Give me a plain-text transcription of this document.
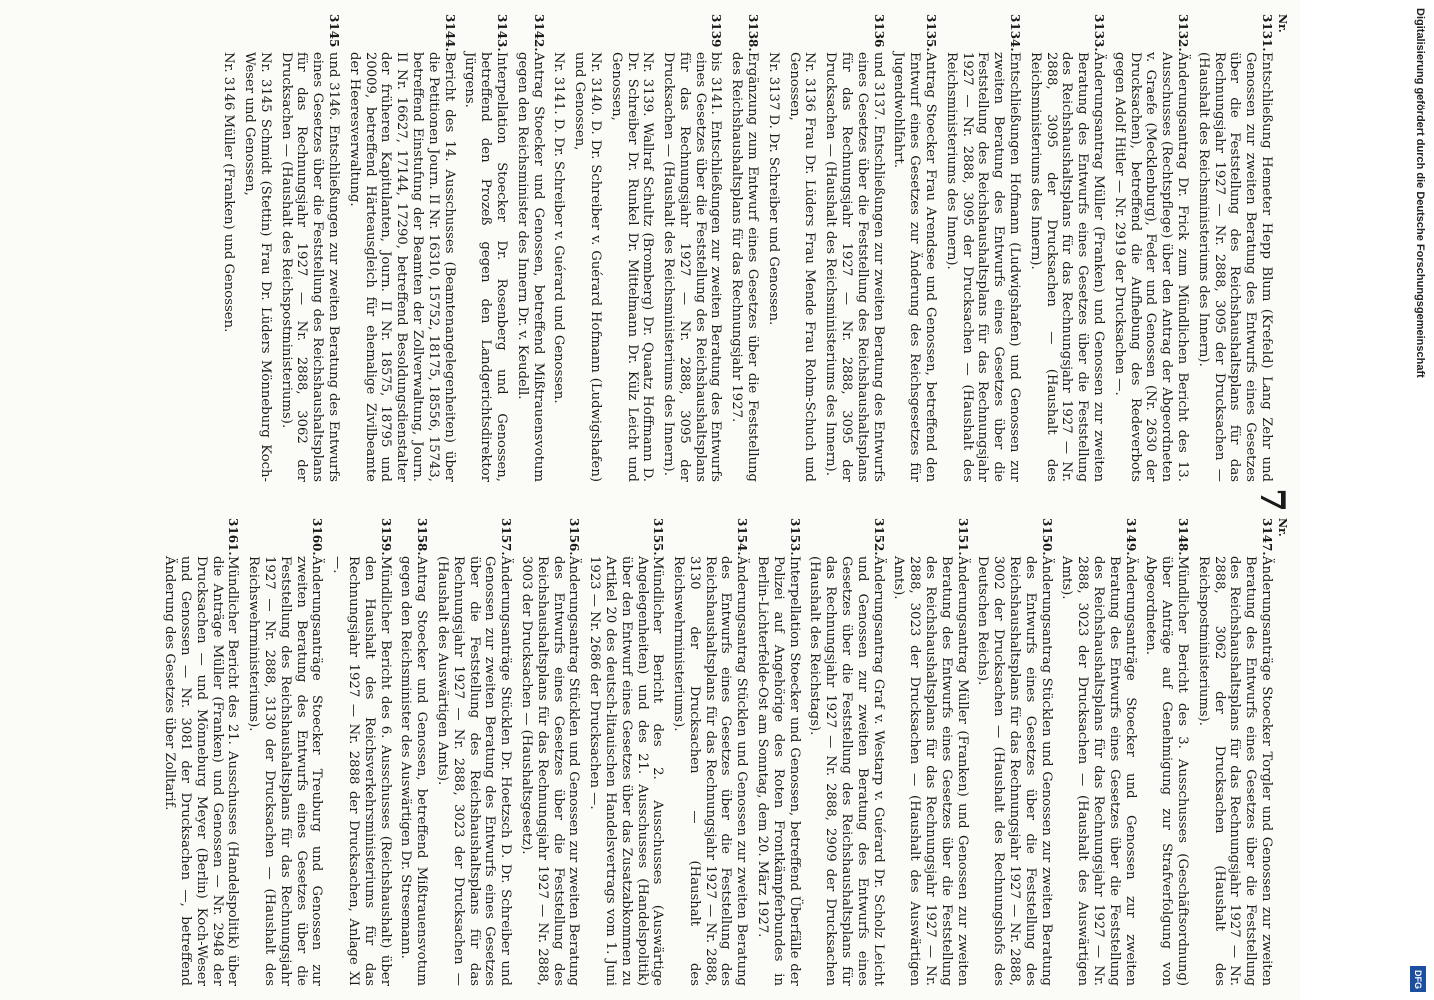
7
Nr.
3131.
Entschließung Hemeter Hepp Blum (Krefeld) Lang Zehr und Genossen zur zweiten Beratung des Entwurfs eines Gesetzes über die Feststellung des Reichshaushaltsplans für das Rechnungsjahr 1927 — Nr. 2888, 3095 der Drucksachen — (Haushalt des Reichsministeriums des Innern).
3132.
Änderungsantrag Dr. Frick zum Mündlichen Bericht des 13. Ausschusses (Rechtspflege) über den Antrag der Abgeordneten v. Graefe (Mecklenburg), Feder und Genossen (Nr. 2630 der Drucksachen), betreffend die Aufhebung des Redeverbots gegen Adolf Hitler — Nr. 2919 der Drucksachen —.
3133.
Änderungsantrag Müller (Franken) und Genossen zur zweiten Beratung des Entwurfs eines Gesetzes über die Feststellung des Reichshaushaltsplans für das Rechnungsjahr 1927 — Nr. 2888, 3095 der Drucksachen — (Haushalt des Reichsministeriums des Innern).
3134.
Entschließungen Hofmann (Ludwigshafen) und Genossen zur zweiten Beratung des Entwurfs eines Gesetzes über die Feststellung des Reichshaushaltsplans für das Rechnungsjahr 1927 — Nr. 2888, 3095 der Drucksachen — (Haushalt des Reichsministeriums des Innern).
3135.
Antrag Stoecker Frau Arendsee und Genossen, betreffend den Entwurf eines Gesetzes zur Änderung des Reichsgesetzes für Jugendwohlfahrt.
3136
und 3137. Entschließungen zur zweiten Beratung des Entwurfs eines Gesetzes über die Feststellung des Reichshaushaltsplans für das Rechnungsjahr 1927 — Nr. 2888, 3095 der Drucksachen — (Haushalt des Reichsministeriums des Innern).
Nr. 3136 Frau Dr. Lüders Frau Mende Frau Rohm-Schuch und Genossen,
Nr. 3137 D. Dr. Schreiber und Genossen.
3138.
Ergänzung zum Entwurf eines Gesetzes über die Feststellung des Reichshaushaltsplans für das Rechnungsjahr 1927.
3139
bis 3141. Entschließungen zur zweiten Beratung des Entwurfs eines Gesetzes über die Feststellung des Reichshaushaltsplans für das Rechnungsjahr 1927 — Nr. 2888, 3095 der Drucksachen — (Haushalt des Reichsministeriums des Innern).
Nr. 3139. Wallraf Schultz (Bromberg) Dr. Quaatz Hoffmann D. Dr. Schreiber Dr. Runkel Dr. Mittelmann Dr. Külz Leicht und Genossen,
Nr. 3140. D. Dr. Schreiber v. Guérard Hofmann (Ludwigshafen) und Genossen,
Nr. 3141. D. Dr. Schreiber v. Guérard und Genossen.
3142.
Antrag Stoecker und Genossen, betreffend Mißtrauensvotum gegen den Reichsminister des Innern Dr. v. Keudell.
3143.
Interpellation Stoecker Dr. Rosenberg und Genossen, betreffend den Prozeß gegen den Landgerichtsdirektor Jürgens.
3144.
Bericht des 14. Ausschusses (Beamtenangelegenheiten) über die Petitionen Journ. II Nr. 16310, 15752, 18175, 18556, 15743, betreffend Einstufung der Beamten der Zollverwaltung, Journ. II Nr. 16627, 17144, 17290, betreffend Besoldungsdienstalter der früheren Kapitulanten, Journ. II Nr. 18575, 18795 und 20009, betreffend Härteausgleich für ehemalige Zivilbeamte der Heeresverwaltung.
3145
und 3146. Entschließungen zur zweiten Beratung des Entwurfs eines Gesetzes über die Feststellung des Reichshaushaltsplans für das Rechnungsjahr 1927 — Nr. 2888, 3062 der Drucksachen — (Haushalt des Reichspostministeriums).
Nr. 3145 Schmidt (Stettin) Frau Dr. Lüders Mönneburg Koch-Weser und Genossen,
Nr. 3146 Müller (Franken) und Genossen.
Nr.
3147.
Änderungsanträge Stoecker Torgler und Genossen zur zweiten Beratung des Entwurfs eines Gesetzes über die Feststellung des Reichshaushaltsplans für das Rechnungsjahr 1927 — Nr. 2888, 3062 der Drucksachen (Haushalt des Reichspostministeriums).
3148.
Mündlicher Bericht des 3. Ausschusses (Geschäftsordnung) über Anträge auf Genehmigung zur Strafverfolgung von Abgeordneten.
3149.
Änderungsanträge Stoecker und Genossen zur zweiten Beratung des Entwurfs eines Gesetzes über die Feststellung des Reichshaushaltsplans für das Rechnungsjahr 1927 — Nr. 2888, 3023 der Drucksachen — (Haushalt des Auswärtigen Amts).
3150.
Änderungsantrag Stücklen und Genossen zur zweiten Beratung des Entwurfs eines Gesetzes über die Feststellung des Reichshaushaltsplans für das Rechnungsjahr 1927 — Nr. 2888, 3002 der Drucksachen — (Haushalt des Rechnungshofs des Deutschen Reichs).
3151.
Änderungsantrag Müller (Franken) und Genossen zur zweiten Beratung des Entwurfs eines Gesetzes über die Feststellung des Reichshaushaltsplans für das Rechnungsjahr 1927 — Nr. 2888, 3023 der Drucksachen — (Haushalt des Auswärtigen Amts).
3152.
Änderungsantrag Graf v. Westarp v. Guérard Dr. Scholz Leicht und Genossen zur zweiten Beratung des Entwurfs eines Gesetzes über die Feststellung des Reichshaushaltsplans für das Rechnungsjahr 1927 — Nr. 2888, 2909 der Drucksachen (Haushalt des Reichstags).
3153.
Interpellation Stoecker und Genossen, betreffend Überfälle der Polizei auf Angehörige des Roten Frontkämpferbundes in Berlin-Lichterfelde-Ost am Sonntag, dem 20. März 1927.
3154.
Änderungsantrag Stücklen und Genossen zur zweiten Beratung des Entwurfs eines Gesetzes über die Feststellung des Reichshaushaltsplans für das Rechnungsjahr 1927 — Nr. 2888, 3130 der Drucksachen — (Haushalt des Reichswehrministeriums).
3155.
Mündlicher Bericht des 2. Ausschusses (Auswärtige Angelegenheiten) und des 21. Ausschusses (Handelspolitik) über den Entwurf eines Gesetzes über das Zusatzabkommen zu Artikel 20 des deutsch-litauischen Handelsvertrags vom 1. Juni 1923 — Nr. 2686 der Drucksachen —.
3156.
Änderungsantrag Stücklen und Genossen zur zweiten Beratung des Entwurfs eines Gesetzes über die Feststellung des Reichshaushaltsplans für das Rechnungsjahr 1927 — Nr. 2888, 3003 der Drucksachen — (Haushaltsgesetz).
3157.
Änderungsanträge Stücklen Dr. Hoetzsch D. Dr. Schreiber und Genossen zur zweiten Beratung des Entwurfs eines Gesetzes über die Feststellung des Reichshaushaltsplans für das Rechnungsjahr 1927 — Nr. 2888, 3023 der Drucksachen — (Haushalt des Auswärtigen Amts).
3158.
Antrag Stoecker und Genossen, betreffend Mißtrauensvotum gegen den Reichsminister des Auswärtigen Dr. Stresemann.
3159.
Mündlicher Bericht des 6. Ausschusses (Reichshaushalt) über den Haushalt des Reichsverkehrsministeriums für das Rechnungsjahr 1927 — Nr. 2888 der Drucksachen, Anlage XI —.
3160.
Änderungsanträge Stoecker Treuburg und Genossen zur zweiten Beratung des Entwurfs eines Gesetzes über die Feststellung des Reichshaushaltsplans für das Rechnungsjahr 1927 — Nr. 2888, 3130 der Drucksachen — (Haushalt des Reichswehrministeriums).
3161.
Mündlicher Bericht des 21. Ausschusses (Handelspolitik) über die Anträge Müller (Franken) und Genossen — Nr. 2948 der Drucksachen — und Mönneburg Meyer (Berlin) Koch-Weser und Genossen — Nr. 3081 der Drucksachen —, betreffend Änderung des Gesetzes über Zolltarif.
Digitalisierung gefördert durch die Deutsche Forschungsgemeinschaft
DFG
